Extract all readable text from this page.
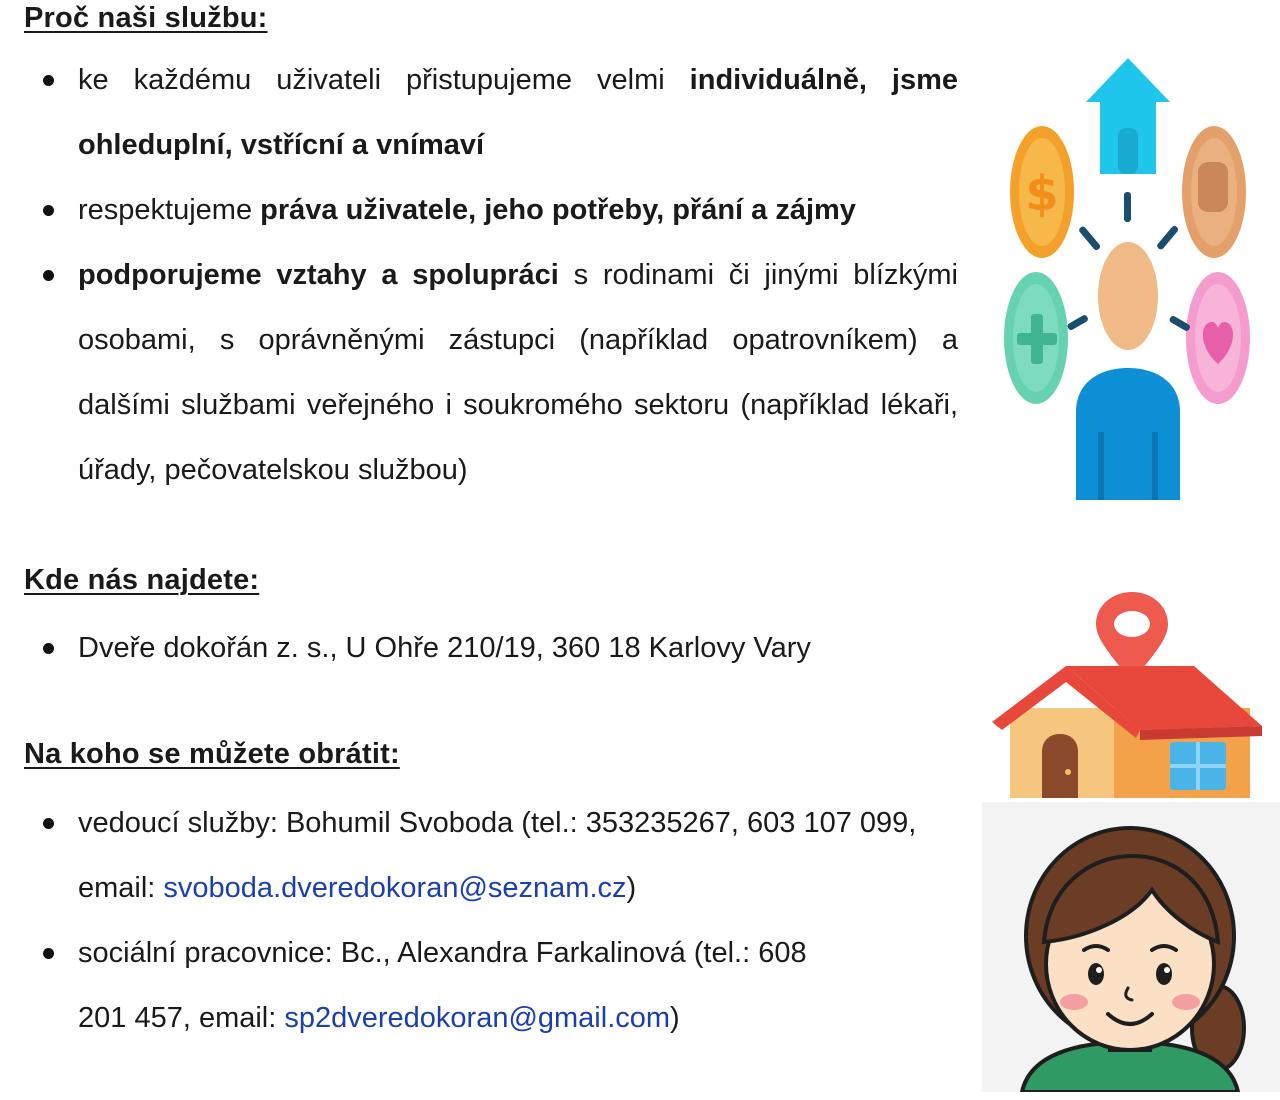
Proč naši službu:
ke každému uživateli přistupujeme velmi individuálně, jsme ohleduplní, vstřícní a vnímaví
respektujeme práva uživatele, jeho potřeby, přání a zájmy
podporujeme vztahy a spolupráci s rodinami či jinými blízkými osobami, s oprávněnými zástupci (například opatrovníkem) a dalšími službami veřejného i soukromého sektoru (například lékaři, úřady, pečovatelskou službou)
Kde nás najdete:
Dveře dokořán z. s., U Ohře 210/19, 360 18 Karlovy Vary
Na koho se můžete obrátit:
vedoucí služby: Bohumil Svoboda (tel.: 353235267, 603 107 099, email: svoboda.dveredokoran@seznam.cz)
sociální pracovnice: Bc., Alexandra Farkalinová (tel.: 608 201 457, email: sp2dveredokoran@gmail.com)
$
